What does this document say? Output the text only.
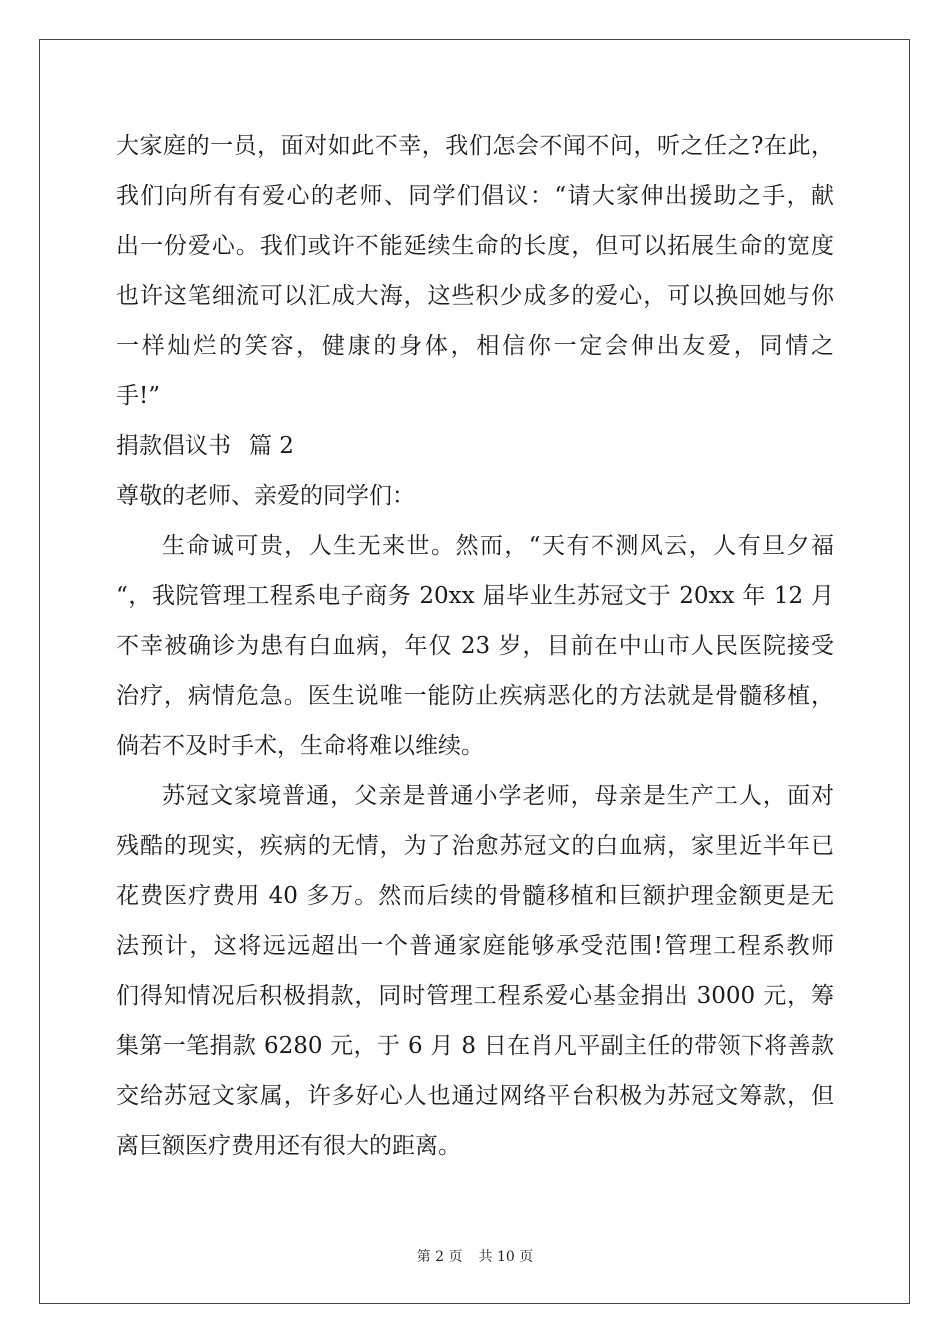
大家庭的一员，面对如此不幸，我们怎会不闻不问，听之任之?在此，
我们向所有有爱心的老师、同学们倡议：“请大家伸出援助之手，献
出一份爱心。我们或许不能延续生命的长度，但可以拓展生命的宽度
也许这笔细流可以汇成大海，这些积少成多的爱心，可以换回她与你
一样灿烂的笑容，健康的身体，相信你一定会伸出友爱，同情之
手!”
捐款倡议书 篇 2
尊敬的老师、亲爱的同学们：
生命诚可贵，人生无来世。然而，“天有不测风云，人有旦夕福
“，我院管理工程系电子商务 20xx 届毕业生苏冠文于 20xx 年 12 月
不幸被确诊为患有白血病，年仅 23 岁，目前在中山市人民医院接受
治疗，病情危急。医生说唯一能防止疾病恶化的方法就是骨髓移植，
倘若不及时手术，生命将难以维续。
苏冠文家境普通，父亲是普通小学老师，母亲是生产工人，面对
残酷的现实，疾病的无情，为了治愈苏冠文的白血病，家里近半年已
花费医疗费用 40 多万。然而后续的骨髓移植和巨额护理金额更是无
法预计，这将远远超出一个普通家庭能够承受范围!管理工程系教师
们得知情况后积极捐款，同时管理工程系爱心基金捐出 3000 元，筹
集第一笔捐款 6280 元，于 6 月 8 日在肖凡平副主任的带领下将善款
交给苏冠文家属，许多好心人也通过网络平台积极为苏冠文筹款，但
离巨额医疗费用还有很大的距离。
第 2 页 共 10 页
